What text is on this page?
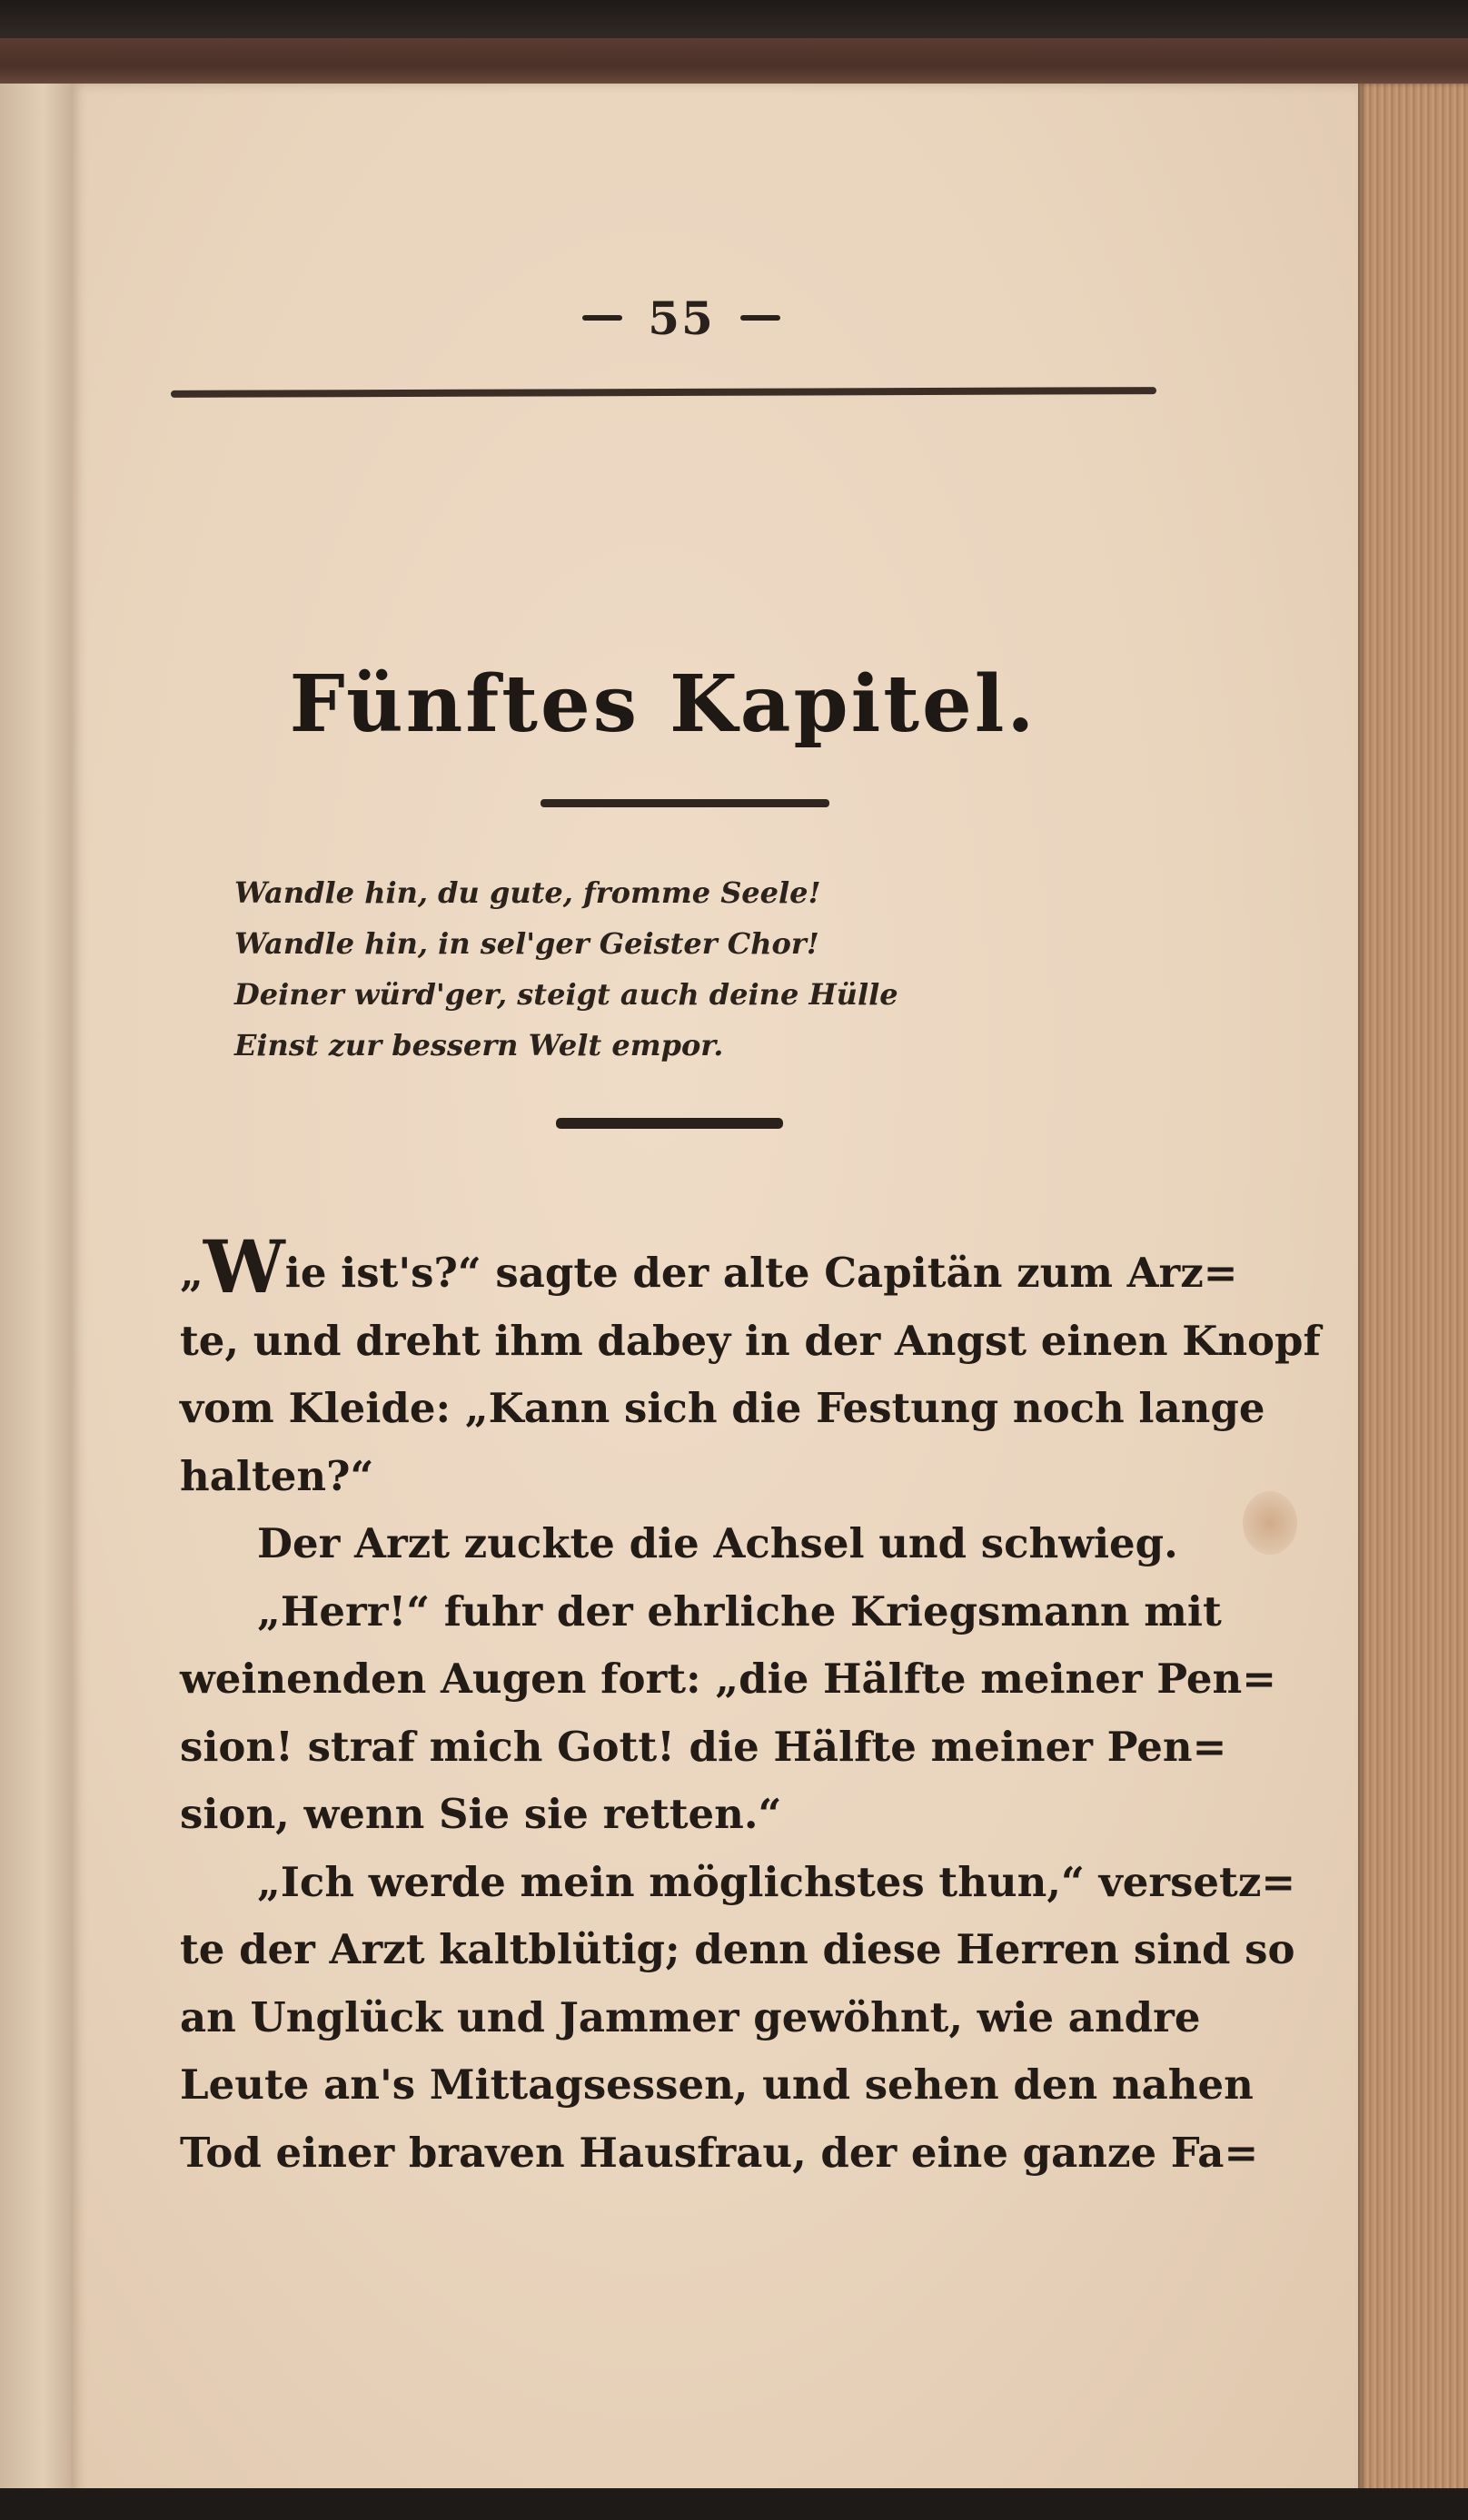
55
Fünftes Kapitel.
Wandle hin, du gute, fromme Seele!
Wandle hin, in sel'ger Geister Chor!
Deiner würd'ger, steigt auch deine Hülle
Einst zur bessern Welt empor.
„Wie ist's?“ sagte der alte Capitän zum Arz=
te, und dreht ihm dabey in der Angst einen Knopf
vom Kleide: „Kann sich die Festung noch lange
halten?“
Der Arzt zuckte die Achsel und schwieg.
„Herr!“ fuhr der ehrliche Kriegsmann mit
weinenden Augen fort: „die Hälfte meiner Pen=
sion! straf mich Gott! die Hälfte meiner Pen=
sion, wenn Sie sie retten.“
„Ich werde mein möglichstes thun,“ versetz=
te der Arzt kaltblütig; denn diese Herren sind so
an Unglück und Jammer gewöhnt, wie andre
Leute an's Mittagsessen, und sehen den nahen
Tod einer braven Hausfrau, der eine ganze Fa=
